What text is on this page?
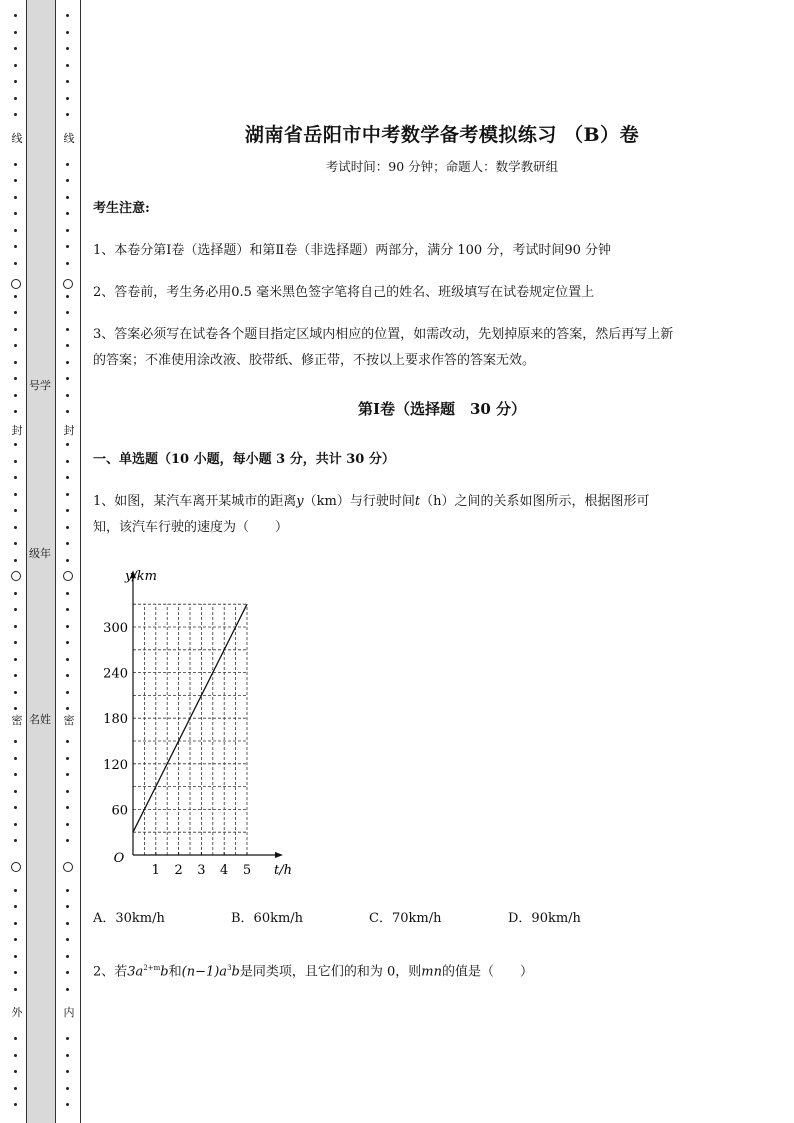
线
封
密
外
线
封
密
内
号学
级年
名姓
湖南省岳阳市中考数学备考模拟练习 （B）卷
考试时间：90 分钟；命题人：数学教研组
考生注意:
1、本卷分第Ⅰ卷（选择题）和第Ⅱ卷（非选择题）两部分，满分 100 分，考试时间90 分钟
2、答卷前，考生务必用0.5 毫米黑色签字笔将自己的姓名、班级填写在试卷规定位置上
3、答案必须写在试卷各个题目指定区域内相应的位置，如需改动，先划掉原来的答案，然后再写上新
的答案；不准使用涂改液、胶带纸、修正带，不按以上要求作答的答案无效。
第Ⅰ卷（选择题　30 分）
一、单选题（10 小题，每小题 3 分，共计 30 分）
1、如图，某汽车离开某城市的距离y（km）与行驶时间t（h）之间的关系如图所示，根据图形可
知，该汽车行驶的速度为（　　）
1 2 3 4 5
60
120
180
240
300
O
t/h
y/km
A．30km/h	B．60km/h	C．70km/h	D．90km/h
2、若$3a^{2+m}b$和$(n-1)a^3b$是同类项，且它们的和为 0，则mn的值是（　　）
